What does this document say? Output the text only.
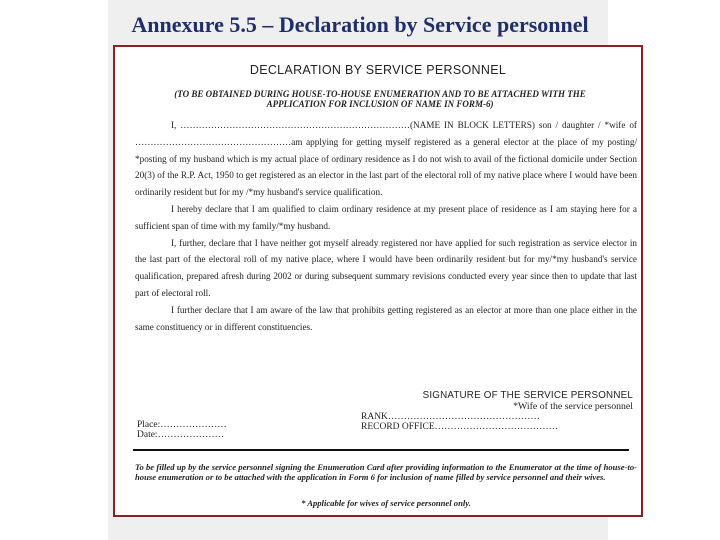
Annexure 5.5 – Declaration by Service personnel
DECLARATION BY SERVICE PERSONNEL
(TO BE OBTAINED DURING HOUSE-TO-HOUSE ENUMERATION AND TO BE ATTACHED WITH THE APPLICATION FOR INCLUSION OF NAME IN FORM-6)

I, …………………………………………………………………(NAME IN BLOCK LETTERS) son / daughter / *wife of ……………………………………………am applying for getting myself registered as a general elector at the place of my posting/ *posting of my husband which is my actual place of ordinary residence as I do not wish to avail of the fictional domicile under Section 20(3) of the R.P. Act, 1950 to get registered as an elector in the last part of the electoral roll of my native place where I would have been ordinarily resident but for my /*my husband's service qualification.

I hereby declare that I am qualified to claim ordinary residence at my present place of residence as I am staying here for a sufficient span of time with my family/*my husband.

I, further, declare that I have neither got myself already registered nor have applied for such registration as service elector in the last part of the electoral roll of my native place, where I would have been ordinarily resident but for my/*my husband's service qualification, prepared afresh during 2002 or during subsequent summary revisions conducted every year since then to update that last part of electoral roll.

I further declare that I am aware of the law that prohibits getting registered as an elector at more than one place either in the same constituency or in different constituencies.

SIGNATURE OF THE SERVICE PERSONNEL
*Wife of the service personnel
RANK…………………………………………
RECORD OFFICE…………………………………
Place:…………………
Date:…………………
To be filled up by the service personnel signing the Enumeration Card after providing information to the Enumerator at the time of house-to-house enumeration or to be attached with the application in Form 6 for inclusion of name filled by service personnel and their wives.
* Applicable for wives of service personnel only.
